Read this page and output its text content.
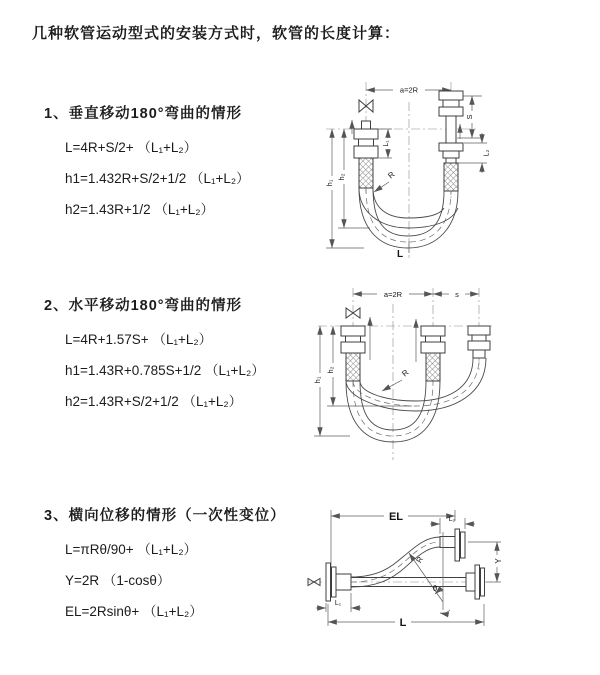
几种软管运动型式的安装方式时，软管的长度计算：
1、垂直移动180°弯曲的情形
L=4R+S/2+ （L₁+L₂）
h1=1.432R+S/2+1/2 （L₁+L₂）
h2=1.43R+1/2 （L₁+L₂）
a=2R
S
L₂
L₁
h₂
h₁
R
L
2、水平移动180°弯曲的情形
L=4R+1.57S+ （L₁+L₂）
h1=1.43R+0.785S+1/2 （L₁+L₂）
h2=1.43R+S/2+1/2 （L₁+L₂）
a=2R	s
h₁
h₂	R
3、横向位移的情形（一次性变位）
L=πRθ/90+ （L₁+L₂）
Y=2R （1-cosθ）
EL=2Rsinθ+ （L₁+L₂）
EL	L₂
Y
L₁
L
R
θ
